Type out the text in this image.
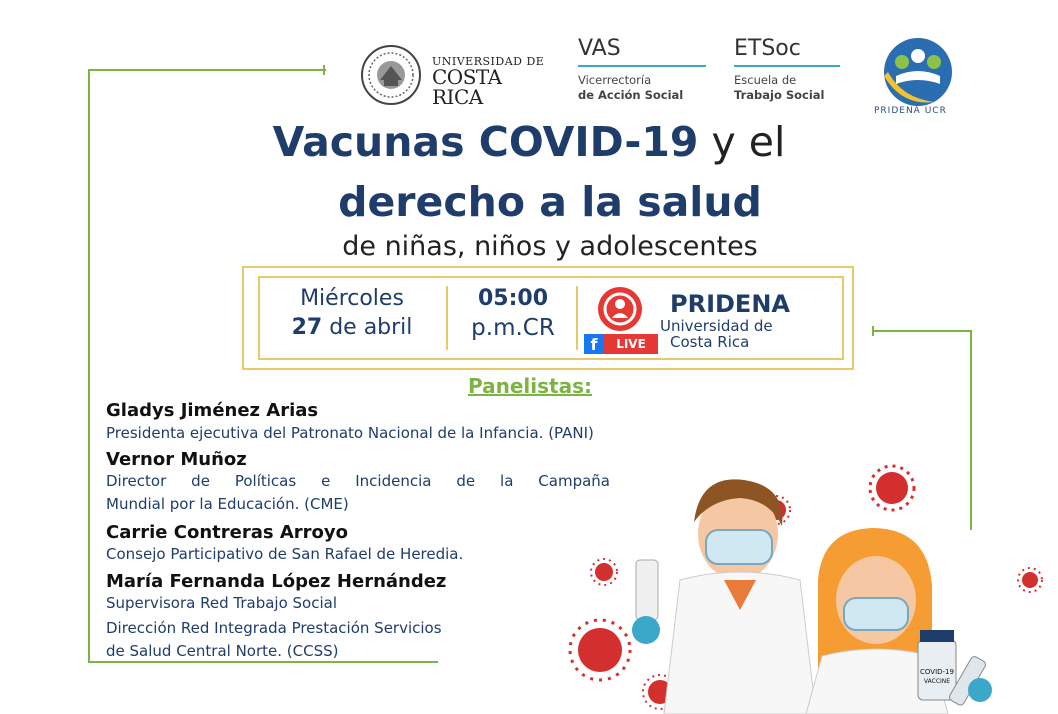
UNIVERSIDAD DE
COSTA RICA
VAS
Vicerrectoría
de Acción Social
ETSoc
Escuela de
Trabajo Social
PRIDENA UCR
Vacunas COVID-19 y el
derecho a la salud
de niñas, niños y adolescentes
Miércoles
27 de abril
05:00
p.m.CR
f	LIVE
PRIDENA
Universidad de
Costa Rica
Panelistas:
Gladys Jiménez Arias
Presidenta ejecutiva del Patronato Nacional de la Infancia. (PANI)
Vernor Muñoz
Director de Políticas e Incidencia de la Campaña
Mundial por la Educación. (CME)
Carrie Contreras Arroyo
Consejo Participativo de San Rafael de Heredia.
María Fernanda López Hernández
Supervisora Red Trabajo Social
Dirección Red Integrada Prestación Servicios
de Salud Central Norte. (CCSS)
COVID-19
VACCINE
